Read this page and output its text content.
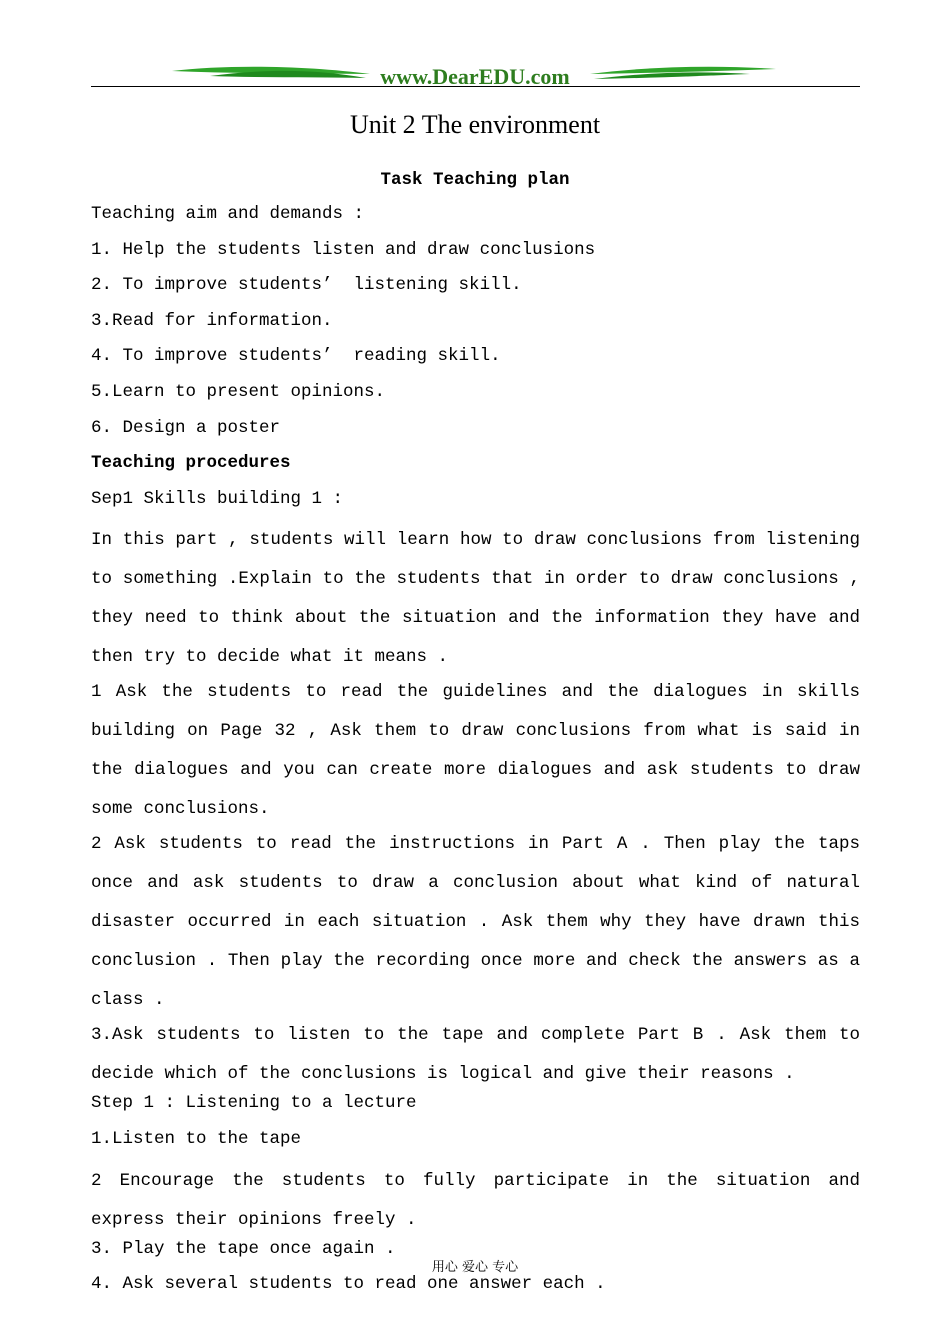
www.DearEDU.com
Unit 2 The environment
Task Teaching plan
Teaching aim and demands :
1. Help the students listen and draw conclusions
2. To improve students’  listening skill.
3.Read for information.
4. To improve students’  reading skill.
5.Learn to present opinions.
6. Design a poster
Teaching procedures
Sep1 Skills building 1 :
In this part , students will learn how to draw conclusions from listening to something .Explain to the students that in order to draw conclusions , they need to think about the situation and the information they have and then try to decide what it means .
1 Ask the students to read the guidelines and the dialogues in skills building on Page 32 , Ask them to draw conclusions from what is said in the dialogues and you can create more dialogues and ask students to draw some conclusions.
2 Ask students to read the instructions in Part A . Then play the taps once and ask students to draw a conclusion about what kind of natural disaster occurred in each situation . Ask them why they have drawn this conclusion . Then play the recording once more and check the answers as a class .
3.Ask students to listen to the tape and complete Part B . Ask them to decide which of the conclusions is logical and give their reasons .
Step 1 : Listening to a lecture
1.Listen to the tape
2 Encourage the students to fully participate in the situation and express their opinions freely .
3. Play the tape once again .
4. Ask several students to read one answer each .
用心 爱心 专心
